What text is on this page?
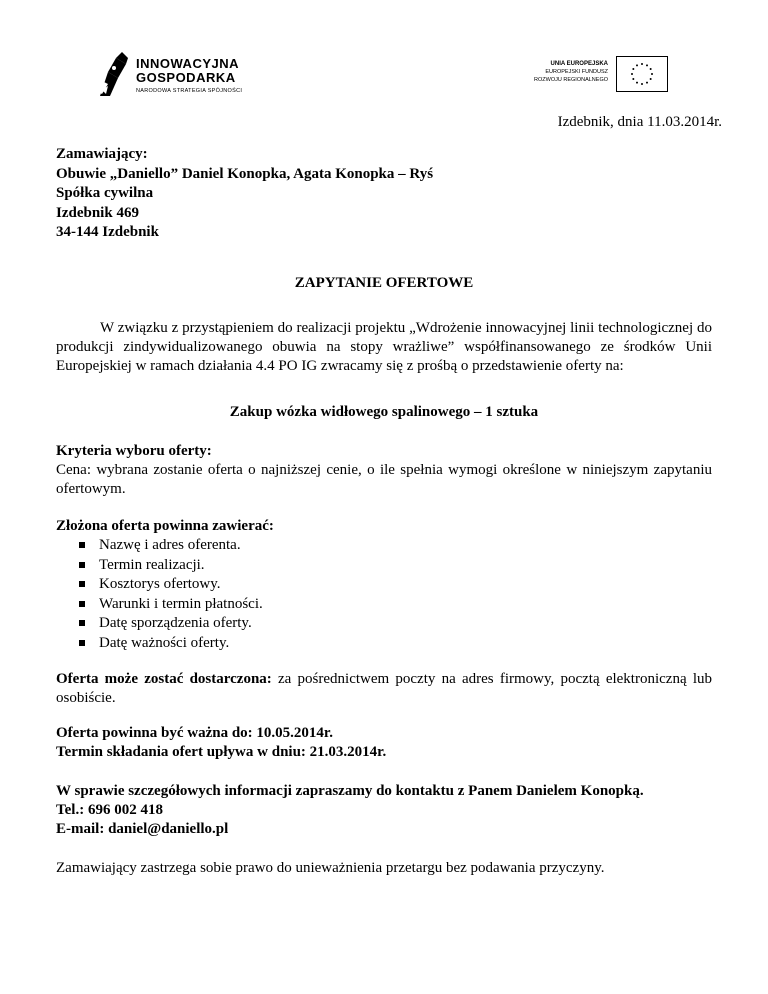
INNOWACYJNA
GOSPODARKA
NARODOWA STRATEGIA SPÓJNOŚCI
UNIA EUROPEJSKA
EUROPEJSKI FUNDUSZ
ROZWOJU REGIONALNEGO
Izdebnik, dnia 11.03.2014r.
Zamawiający:
Obuwie „Daniello” Daniel Konopka, Agata Konopka – Ryś
Spółka cywilna
Izdebnik 469
34-144 Izdebnik
ZAPYTANIE OFERTOWE
W związku z przystąpieniem do realizacji projektu „Wdrożenie innowacyjnej linii technologicznej do produkcji zindywidualizowanego obuwia na stopy wrażliwe” współfinansowanego ze środków Unii Europejskiej w ramach działania 4.4 PO IG zwracamy się z prośbą o przedstawienie oferty na:
Zakup wózka widłowego spalinowego – 1 sztuka
Kryteria wyboru oferty:
Cena: wybrana zostanie oferta o najniższej cenie, o ile spełnia wymogi określone w niniejszym zapytaniu ofertowym.
Złożona oferta powinna zawierać:
Nazwę i adres oferenta.
Termin realizacji.
Kosztorys ofertowy.
Warunki i termin płatności.
Datę sporządzenia oferty.
Datę ważności oferty.
Oferta może zostać dostarczona: za pośrednictwem poczty na adres firmowy, pocztą elektroniczną lub osobiście.
Oferta powinna być ważna do: 10.05.2014r.
Termin składania ofert upływa w dniu: 21.03.2014r.
W sprawie szczegółowych informacji zapraszamy do kontaktu z Panem Danielem Konopką.
Tel.: 696 002 418
E-mail: daniel@daniello.pl
Zamawiający zastrzega sobie prawo do unieważnienia przetargu bez podawania przyczyny.
